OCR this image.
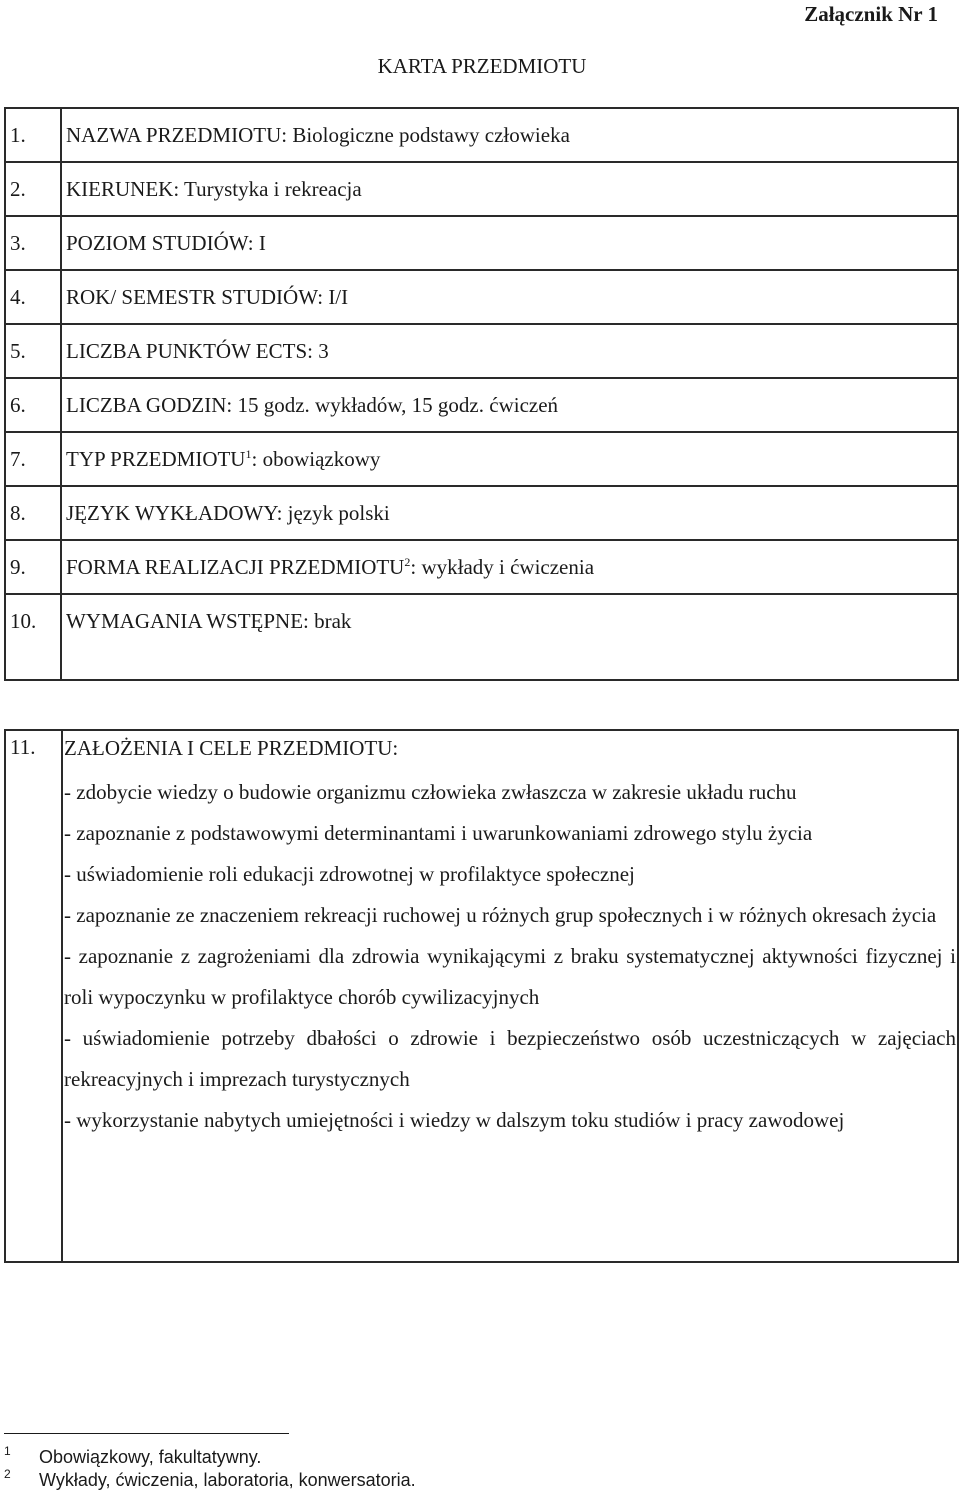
Załącznik Nr 1
KARTA PRZEDMIOTU
1.	NAZWA PRZEDMIOTU: Biologiczne podstawy człowieka

2.	KIERUNEK: Turystyka i rekreacja

3.	POZIOM STUDIÓW: I

4.	ROK/ SEMESTR STUDIÓW: I/I

5.	LICZBA PUNKTÓW ECTS: 3

6.	LICZBA GODZIN: 15 godz. wykładów, 15 godz. ćwiczeń

7.	TYP PRZEDMIOTU$^1$: obowiązkowy

8.	JĘZYK WYKŁADOWY: język polski

9.	FORMA REALIZACJI PRZEDMIOTU$^2$: wykłady i ćwiczenia

10.	WYMAGANIA WSTĘPNE: brak
11.	ZAŁOŻENIA I CELE PRZEDMIOTU:
- zdobycie wiedzy o budowie organizmu człowieka zwłaszcza w zakresie układu ruchu
- zapoznanie z podstawowymi determinantami i uwarunkowaniami zdrowego stylu życia
- uświadomienie roli edukacji zdrowotnej w profilaktyce społecznej
- zapoznanie ze znaczeniem rekreacji ruchowej u różnych grup społecznych i w różnych okresach życia
- zapoznanie z zagrożeniami dla zdrowia wynikającymi z braku systematycznej aktywności fizycznej i roli wypoczynku w profilaktyce chorób cywilizacyjnych
- uświadomienie potrzeby dbałości o zdrowie i bezpieczeństwo osób uczestniczących w zajęciach rekreacyjnych i imprezach turystycznych
- wykorzystanie nabytych umiejętności i wiedzy w dalszym toku studiów i pracy zawodowej
1 Obowiązkowy, fakultatywny.
2 Wykłady, ćwiczenia, laboratoria, konwersatoria.
